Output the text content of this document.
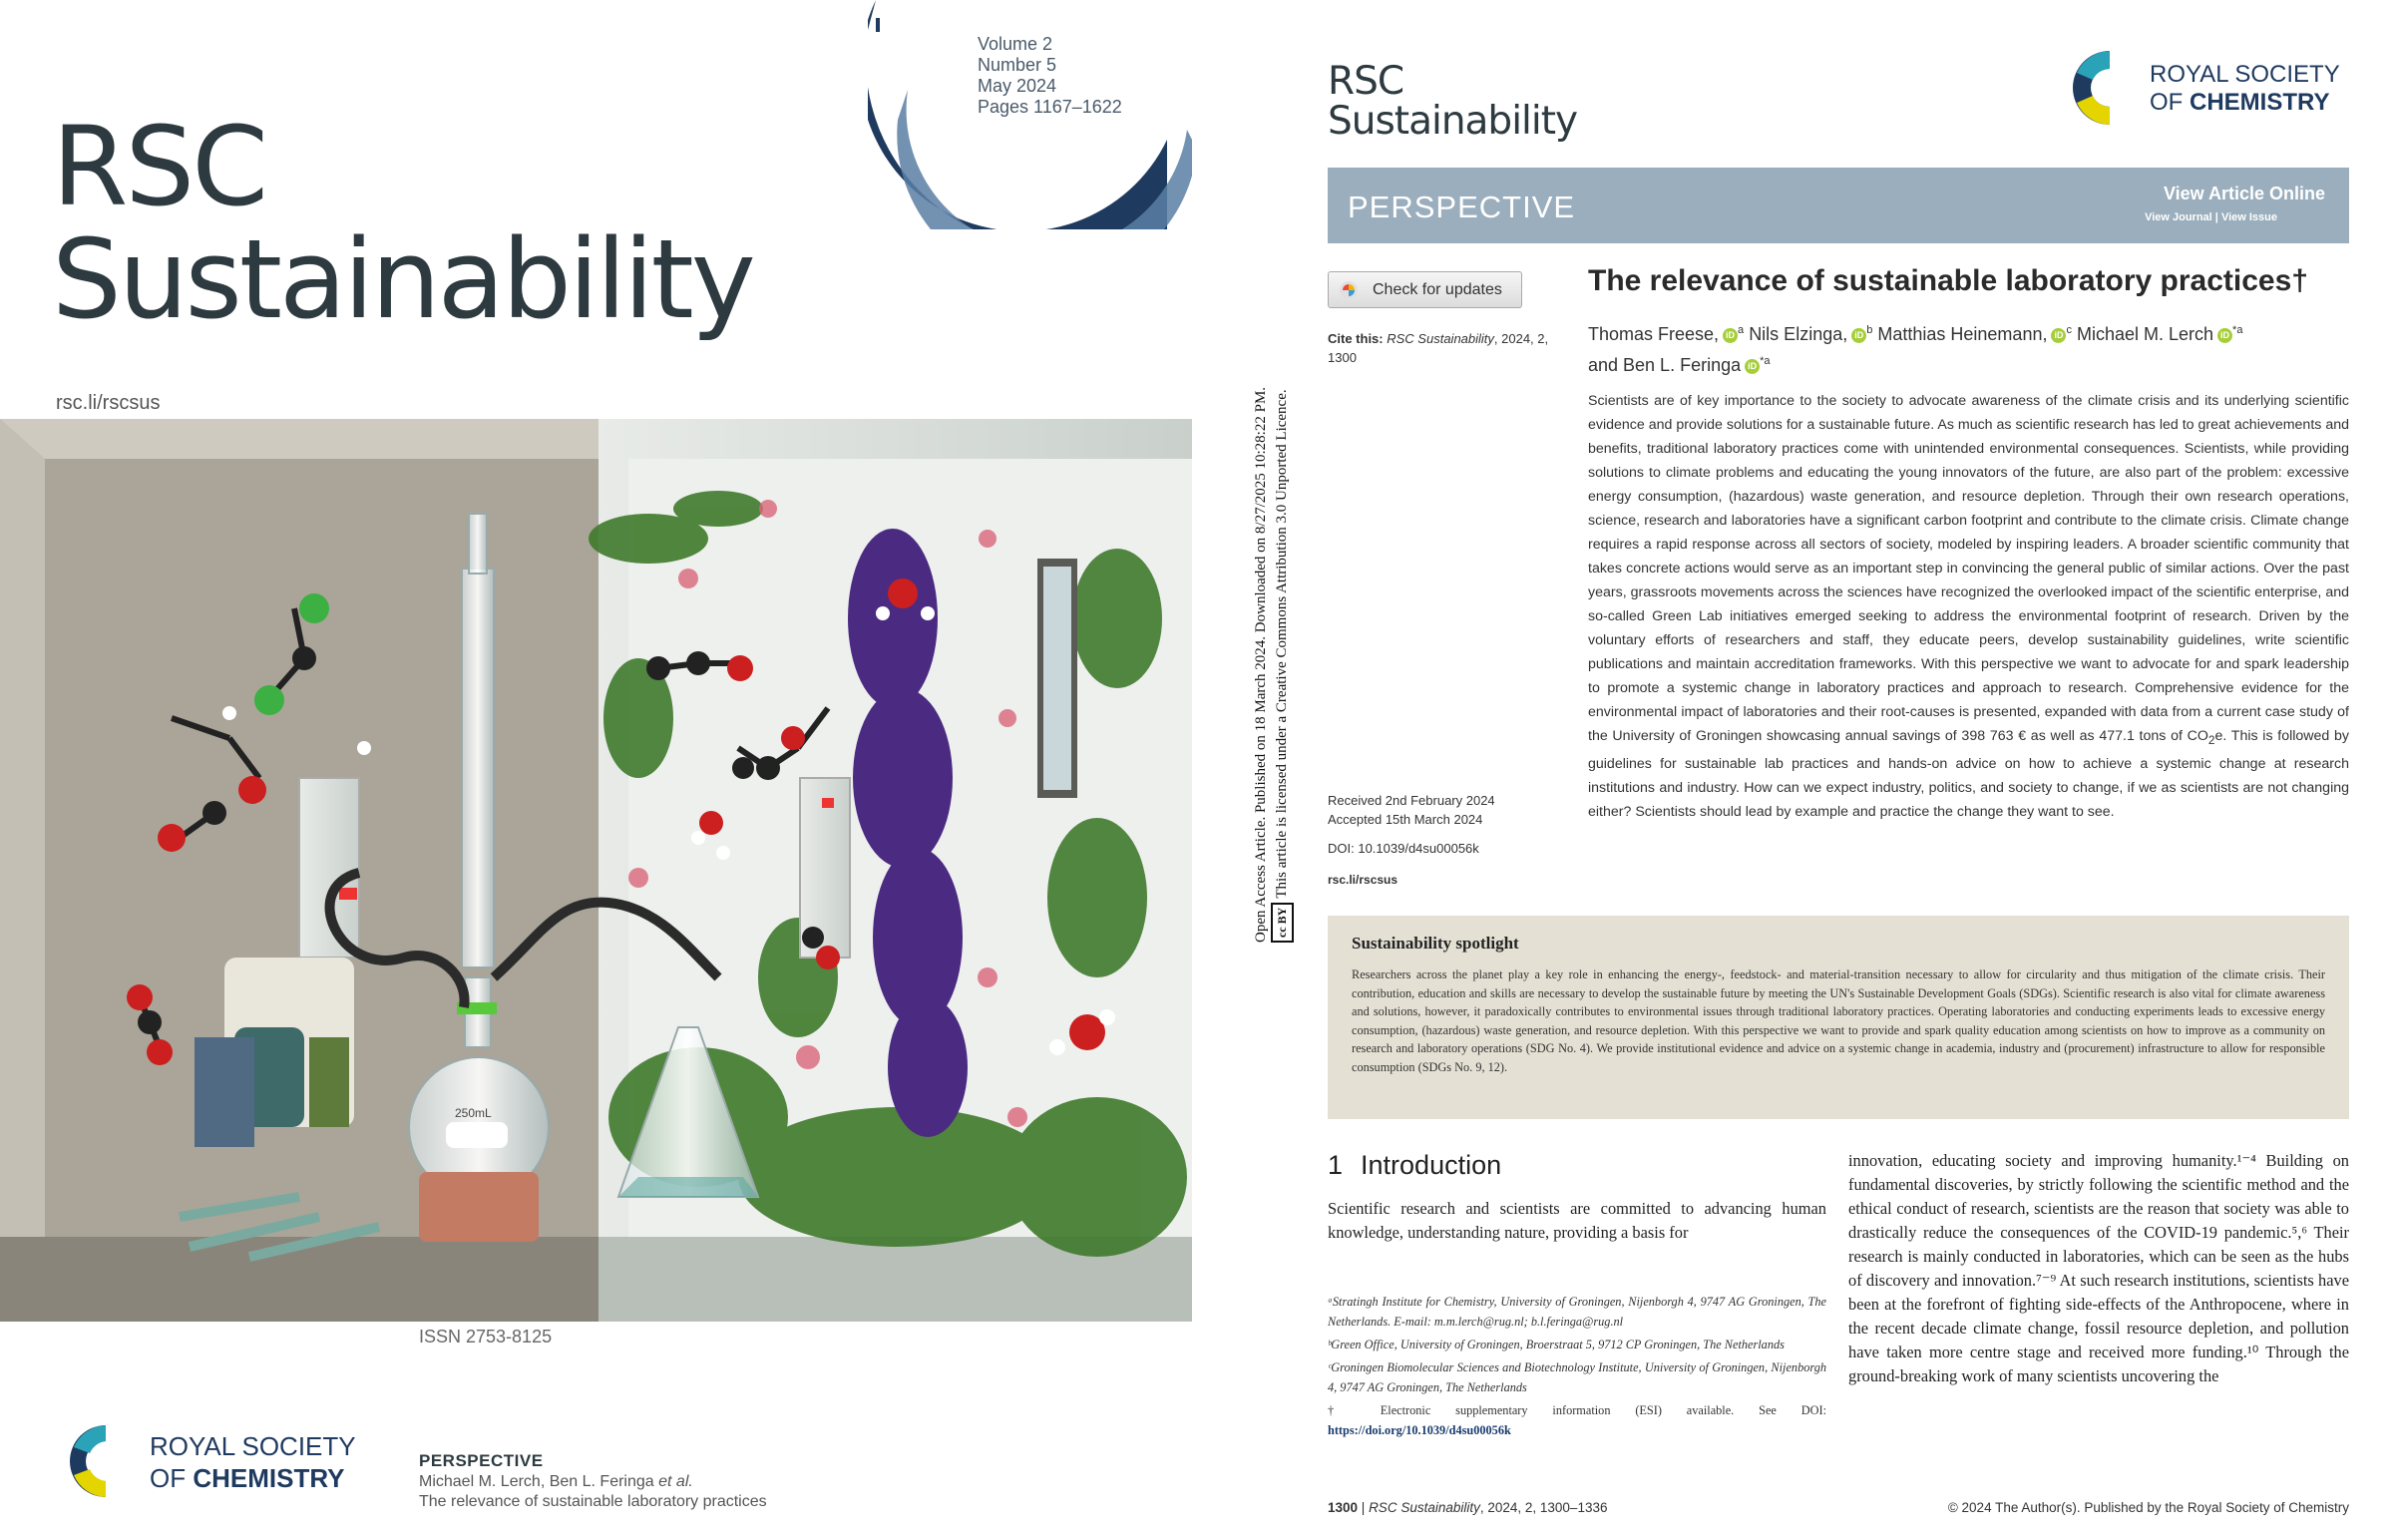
RSC
Sustainability
Volume 2
Number 5
May 2024
Pages 1167–1622
rsc.li/rscsus
250mL
ISSN 2753-8125
ROYAL SOCIETY
OF CHEMISTRY
PERSPECTIVE
Michael M. Lerch, Ben L. Feringa et al.
The relevance of sustainable laboratory practices
RSC
Sustainability
ROYAL SOCIETY
OF CHEMISTRY
PERSPECTIVE	View Article Online
View Journal | View Issue
Open Access Article. Published on 18 March 2024. Downloaded on 8/27/2025 10:28:22 PM. cc BYThis article is licensed under a Creative Commons Attribution 3.0 Unported Licence.
Check for updates
Cite this: RSC Sustainability, 2024, 2, 1300
Received 2nd February 2024
Accepted 15th March 2024
DOI: 10.1039/d4su00056k
rsc.li/rscsus
The relevance of sustainable laboratory practices†
Thomas Freese, iD $^a$ Nils Elzinga, iD $^b$ Matthias Heinemann, iD $^c$ Michael M. Lerch iD $^{*a}$
and Ben L. Feringa iD $^{*a}$
Scientists are of key importance to the society to advocate awareness of the climate crisis and its underlying scientific evidence and provide solutions for a sustainable future. As much as scientific research has led to great achievements and benefits, traditional laboratory practices come with unintended environmental consequences. Scientists, while providing solutions to climate problems and educating the young innovators of the future, are also part of the problem: excessive energy consumption, (hazardous) waste generation, and resource depletion. Through their own research operations, science, research and laboratories have a significant carbon footprint and contribute to the climate crisis. Climate change requires a rapid response across all sectors of society, modeled by inspiring leaders. A broader scientific community that takes concrete actions would serve as an important step in convincing the general public of similar actions. Over the past years, grassroots movements across the sciences have recognized the overlooked impact of the scientific enterprise, and so-called Green Lab initiatives emerged seeking to address the environmental footprint of research. Driven by the voluntary efforts of researchers and staff, they educate peers, develop sustainability guidelines, write scientific publications and maintain accreditation frameworks. With this perspective we want to advocate for and spark leadership to promote a systemic change in laboratory practices and approach to research. Comprehensive evidence for the environmental impact of laboratories and their root-causes is presented, expanded with data from a current case study of the University of Groningen showcasing annual savings of 398 763 € as well as 477.1 tons of $CO_2e$. This is followed by guidelines for sustainable lab practices and hands-on advice on how to achieve a systemic change at research institutions and industry. How can we expect industry, politics, and society to change, if we as scientists are not changing either? Scientists should lead by example and practice the change they want to see.
Sustainability spotlight
Researchers across the planet play a key role in enhancing the energy-, feedstock- and material-transition necessary to allow for circularity and thus mitigation of the climate crisis. Their contribution, education and skills are necessary to develop the sustainable future by meeting the UN's Sustainable Development Goals (SDGs). Scientific research is also vital for climate awareness and solutions, however, it paradoxically contributes to environmental issues through traditional laboratory practices. Operating laboratories and conducting experiments leads to excessive energy consumption, (hazardous) waste generation, and resource depletion. With this perspective we want to provide and spark quality education among scientists on how to improve as a community on research and laboratory operations (SDG No. 4). We provide institutional evidence and advice on a systemic change in academia, industry and (procurement) infrastructure to allow for responsible consumption (SDGs No. 9, 12).
1 Introduction
Scientific research and scientists are committed to advancing human knowledge, understanding nature, providing a basis for
innovation, educating society and improving humanity.¹⁻⁴ Building on fundamental discoveries, by strictly following the scientific method and the ethical conduct of research, scientists are the reason that society was able to drastically reduce the consequences of the COVID-19 pandemic.⁵,⁶ Their research is mainly conducted in laboratories, which can be seen as the hubs of discovery and innovation.⁷⁻⁹ At such research institutions, scientists have been at the forefront of fighting side-effects of the Anthropocene, where in the recent decade climate change, fossil resource depletion, and pollution have taken more centre stage and received more funding.¹⁰ Through the ground-breaking work of many scientists uncovering the
ᵃStratingh Institute for Chemistry, University of Groningen, Nijenborgh 4, 9747 AG Groningen, The Netherlands. E-mail: m.m.lerch@rug.nl; b.l.feringa@rug.nl
ᵇGreen Office, University of Groningen, Broerstraat 5, 9712 CP Groningen, The Netherlands
ᶜGroningen Biomolecular Sciences and Biotechnology Institute, University of Groningen, Nijenborgh 4, 9747 AG Groningen, The Netherlands
† Electronic supplementary information (ESI) available. See DOI: https://doi.org/10.1039/d4su00056k
1300 | RSC Sustainability, 2024, 2, 1300–1336	© 2024 The Author(s). Published by the Royal Society of Chemistry
